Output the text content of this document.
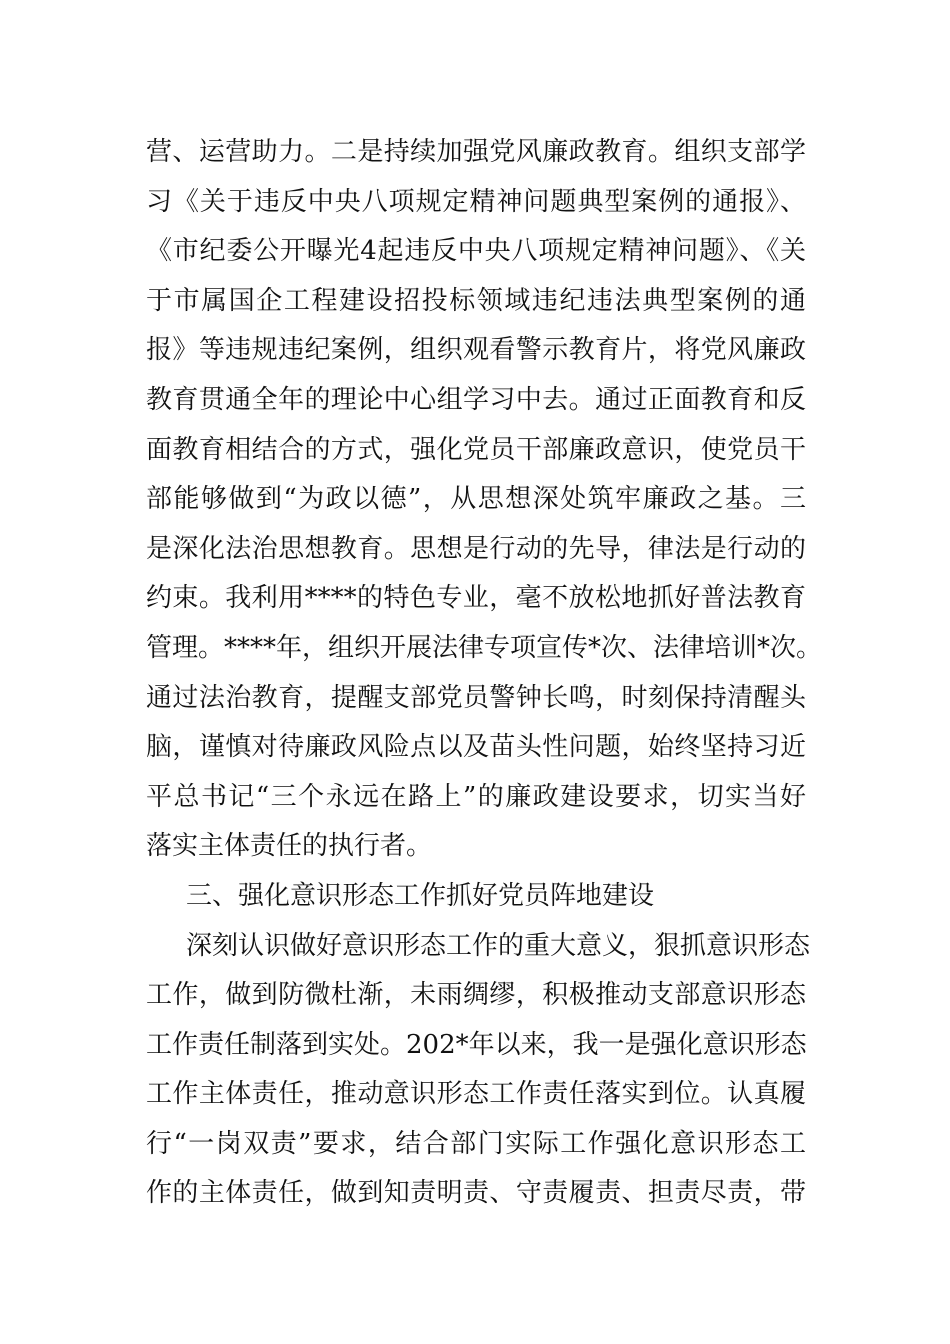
营、运营助力。二是持续加强党风廉政教育。组织支部学
习《关于违反中央八项规定精神问题典型案例的通报》、
《市纪委公开曝光4起违反中央八项规定精神问题》、《关
于市属国企工程建设招投标领域违纪违法典型案例的通
报》等违规违纪案例，组织观看警示教育片，将党风廉政
教育贯通全年的理论中心组学习中去。通过正面教育和反
面教育相结合的方式，强化党员干部廉政意识，使党员干
部能够做到“为政以德”，从思想深处筑牢廉政之基。三
是深化法治思想教育。思想是行动的先导，律法是行动的
约束。我利用****的特色专业，毫不放松地抓好普法教育
管理。****年，组织开展法律专项宣传*次、法律培训*次。
通过法治教育，提醒支部党员警钟长鸣，时刻保持清醒头
脑，谨慎对待廉政风险点以及苗头性问题，始终坚持习近
平总书记“三个永远在路上”的廉政建设要求，切实当好
落实主体责任的执行者。
三、强化意识形态工作抓好党员阵地建设
深刻认识做好意识形态工作的重大意义，狠抓意识形态
工作，做到防微杜渐，未雨绸缪，积极推动支部意识形态
工作责任制落到实处。202*年以来，我一是强化意识形态
工作主体责任，推动意识形态工作责任落实到位。认真履
行“一岗双责”要求，结合部门实际工作强化意识形态工
作的主体责任，做到知责明责、守责履责、担责尽责，带
